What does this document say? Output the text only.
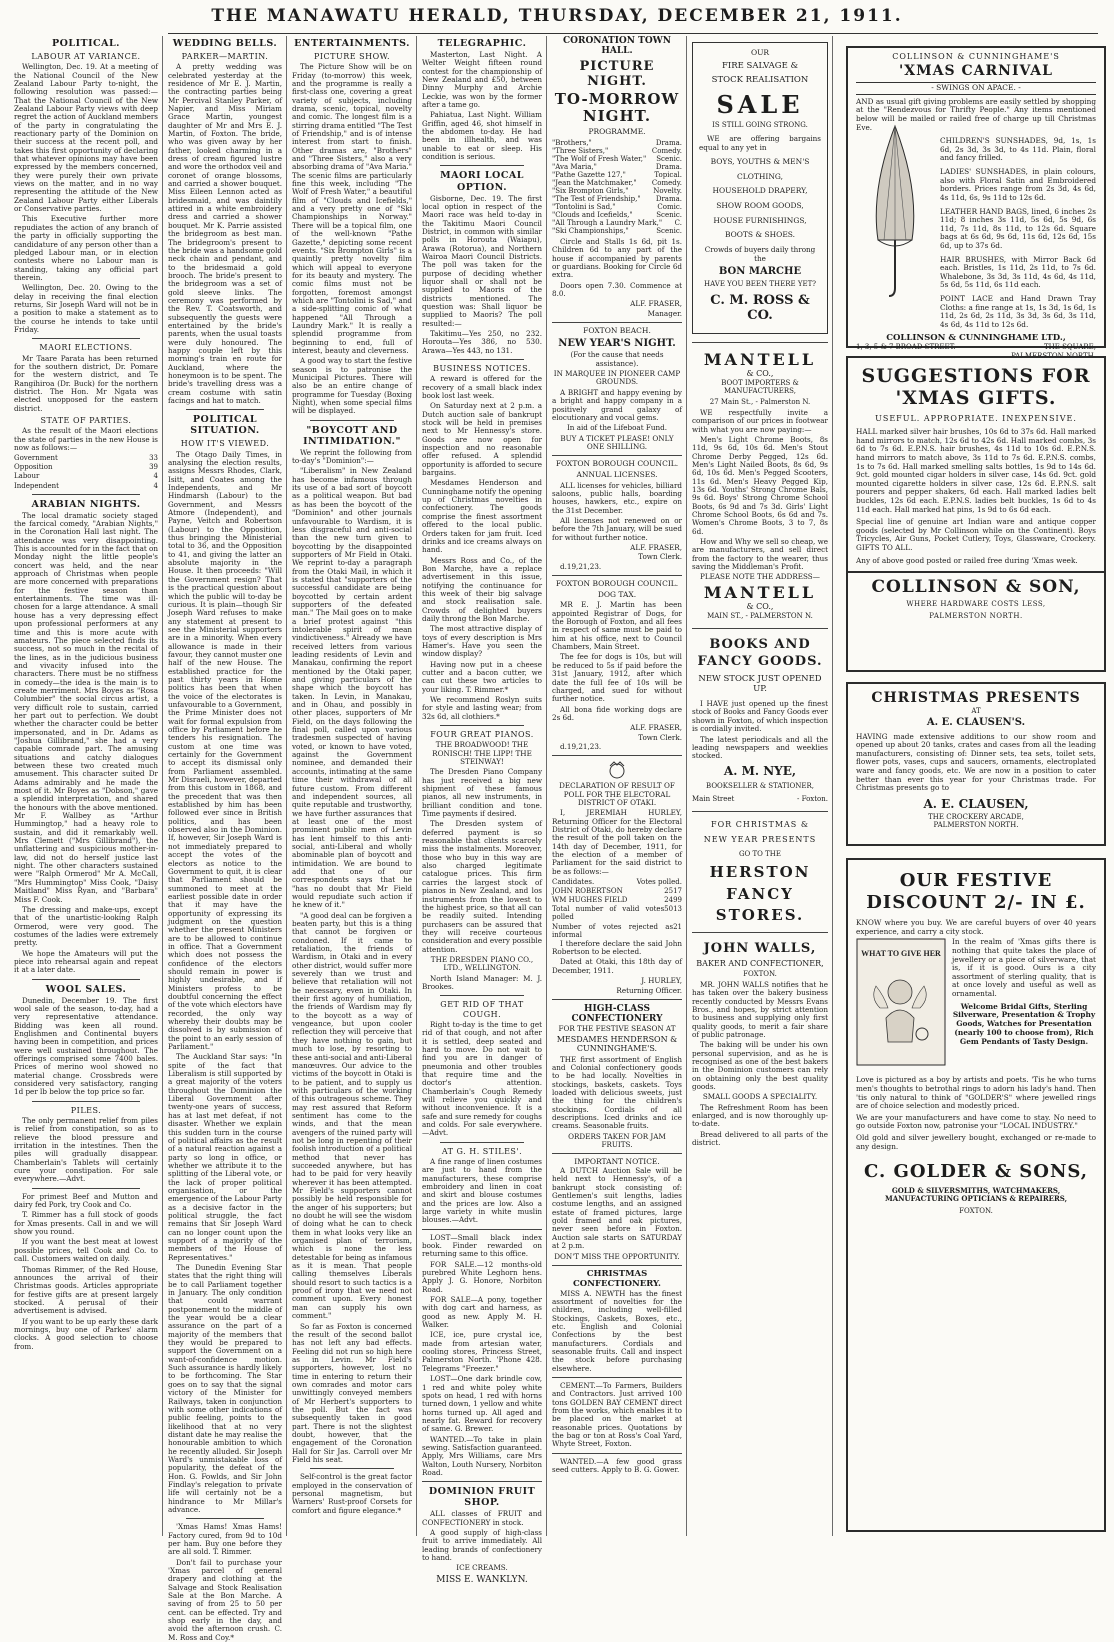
THE MANAWATU HERALD, THURSDAY, DECEMBER 21, 1911.
POLITICAL.
LABOUR AT VARIANCE.

Wellington, Dec. 19. At a meeting of the National Council of the New Zealand Labour Party to-night, the following resolution was passed:— That the National Council of the New Zealand Labour Party views with deep regret the action of Auckland members of the party in congratulating the reactionary party of the Dominion on their success at the recent poll, and takes this first opportunity of declaring that whatever opinions may have been expressed by the members concerned, they were purely their own private views on the matter, and in no way representing the attitude of the New Zealand Labour Party either Liberals or Conservative parties.

This Executive further more repudiates the action of any branch of the party in officially supporting the candidature of any person other than a pledged Labour man, or in election contests where no Labour man is standing, taking any official part therein.

Wellington, Dec. 20. Owing to the delay in receiving the final election returns, Sir Joseph Ward will not be in a position to make a statement as to the course he intends to take until Friday.

MAORI ELECTIONS.

Mr Taare Parata has been returned for the southern district, Dr. Pomare for the western district, and Te Rangihiroa (Dr. Buck) for the northern district. The Hon. Mr Ngata was elected unopposed for the eastern district.

STATE OF PARTIES.

As the result of the Maori elections the state of parties in the new House is now as follows:—

Government	33
Opposition	39
Labour	4
Independent	4
ARABIAN NIGHTS.

The local dramatic society staged the farcical comedy, "Arabian Nights," in the Coronation Hall last night. The attendance was very disappointing. This is accounted for in the fact that on Monday night the little people's concert was held, and the near approach of Christmas when people are more concerned with preparations for the festive season than entertainments. The time was ill-chosen for a large attendance. A small house has a very depressing effect upon professional performers at any time and this is more acute with amateurs. The piece selected finds its success, not so much in the recital of the lines, as in the judicious business and vivacity infused into the characters. There must be no stiffness in comedy—the idea is the main is to create merriment. Mrs Boyes as "Rosa Columbier" the social circus artist, a very difficult role to sustain, carried her part out to perfection. We doubt whether the character could be better impersonated, and in Dr. Adams as "Joshua Gillibrand," she had a very capable comrade part. The amusing situations and catchy dialogues between these two created much amusement. This character suited Dr Adams admirably and he made the most of it. Mr Boyes as "Dobson," gave a splendid interpretation, and shared the honours with the above mentioned. Mr F. Wallbey as "Arthur Hummingtop," had a heavy role to sustain, and did it remarkably well. Mrs Clemett ("Mrs Gillibrand"), the unflattering and suspicious mother-in-law, did not do herself justice last night. The other characters sustained were "Ralph Ormerod" Mr A. McCall, "Mrs Hummingtop" Miss Cook, "Daisy Maitland" Miss Ryan, and "Barbara" Miss F. Cook.

The dressing and make-ups, except that of the unartistic-looking Ralph Ormerod, were very good. The costumes of the ladies were extremely pretty.

We hope the Amateurs will put the piece into rehearsal again and repeat it at a later date.

WOOL SALES.

Dunedin, December 19. The first wool sale of the season, to-day, had a very representative attendance. Bidding was keen all round. Englishmen and Continental buyers having been in competition, and prices were well sustained throughout. The offerings comprised some 7400 bales. Prices of merino wool showed no material change. Crossbreds were considered very satisfactory, ranging 1d per lb below the top price so far.

PILES.

The only permanent relief from piles is relief from constipation, so as to relieve the blood pressure and irritation in the intestines. Then the piles will gradually disappear. Chamberlain's Tablets will certainly cure your constipation. For sale everywhere.—Advt.

For primest Beef and Mutton and dairy fed Pork, try Cook and Co.

T. Rimmer has a full stock of goods for Xmas presents. Call in and we will show you round.

If you want the best meat at lowest possible prices, tell Cook and Co. to call. Customers waited on daily.

Thomas Rimmer, of the Red House, announces the arrival of their Christmas goods. Articles appropriate for festive gifts are at present largely stocked. A perusal of their advertisement is advised.

If you want to be up early these dark mornings, buy one of Parkes' alarm clocks. A good selection to choose from.

WEDDING BELLS.
PARKER—MARTIN.

A pretty wedding was celebrated yesterday at the residence of Mr E. J. Martin, the contracting parties being Mr Percival Stanley Parker, of Napier, and Miss Miriam Grace Martin, youngest daughter of Mr and Mrs E. J. Martin, of Foxton. The bride, who was given away by her father, looked charming in a dress of cream figured lustre and wore the orthodox veil and coronet of orange blossoms, and carried a shower bouquet. Miss Eileen Lennon acted as bridesmaid, and was daintily attired in a white embroidery dress and carried a shower bouquet. Mr K. Parrie assisted the bridegroom as best man. The bridegroom's present to the bride was a handsome gold neck chain and pendant, and to the bridesmaid a gold brooch. The bride's present to the bridegroom was a set of gold sleeve links. The ceremony was performed by the Rev. T. Coatsworth, and subsequently the guests were entertained by the bride's parents, when the usual toasts were duly honoured. The happy couple left by this morning's train en route for Auckland, where the honeymoon is to be spent. The bride's travelling dress was a cream costume with satin facings and hat to match.

POLITICAL SITUATION.
HOW IT'S VIEWED.

The Otago Daily Times, in analysing the election results, assigns Messrs Rhodes, Clark, Isitt, and Coates among the Independents, and Mr Hindmarsh (Labour) to the Government, and Messrs Atmore (Independent), and Payne, Veitch and Robertson (Labour) to the Opposition, thus bringing the Ministerial total to 36, and the Opposition to 41, and giving the latter an absolute majority in the House. It then proceeds: "Will the Government resign? That is the practical question about which the public will to-day be curious. It is plain—though Sir Joseph Ward refuses to make any statement at present to see the Ministerial supporters are in a minority. When every allowance is made in their favour, they cannot muster one half of the new House. The established practice for the past thirty years in Home politics has been that when the voice of the electorates is unfavourable to a Government, the Prime Minister does not wait for formal expulsion from office by Parliament before he tenders his resignation. The custom at one time was certainly for the Government to accept its dismissal only from Parliament assembled. Mr Disraeli, however, departed from this custom in 1868, and the precedent that was then established by him has been followed ever since in British politics, and has been observed also in the Dominion. If, however, Sir Joseph Ward is not immediately prepared to accept the votes of the electors as notice to the Government to quit, it is clear that Parliament should be summoned to meet at the earliest possible date in order that it may have the opportunity of expressing its judgment on the question whether the present Ministers are to be allowed to continue in office. That a Government which does not possess the confidence of the electors should remain in power is highly undesirable, and if Ministers profess to be doubtful concerning the effect of the vote which electors have recorded, the only way whereby their doubts may be dissolved is by submission of the point to an early session of Parliament."

The Auckland Star says: "In spite of the fact that Liberalism is still supported by a great majority of the voters throughout the Dominion the Liberal Government after twenty-one years of success, has at last met defeat, if not disaster. Whether we explain this sudden turn in the course of political affairs as the result of a natural reaction against a party so long in office, or whether we attribute it to the splitting of the Liberal vote, or the lack of proper political organisation, or the emergence of the Labour Party as a decisive factor in the political struggle, the fact remains that Sir Joseph Ward can no longer count upon the support of a majority of the members of the House of Representatives."

The Dunedin Evening Star states that the right thing will be to call Parliament together in January. The only condition that could warrant postponement to the middle of the year would be a clear assurance on the part of a majority of the members that they would be prepared to support the Government on a want-of-confidence motion. Such assurance is hardly likely to be forthcoming. The Star goes on to say that the signal victory of the Minister for Railways, taken in conjunction with some other indications of public feeling, points to the likelihood that at no very distant date he may realise the honourable ambition to which he recently alluded. Sir Joseph Ward's unmistakable loss of popularity, the defeat of the Hon. G. Fowlds, and Sir John Findlay's relegation to private life will certainly not be a hindrance to Mr Millar's advance.

'Xmas Hams! Xmas Hams! Factory cured, from 9d to 10d per ham. Buy one before they are all sold. T. Rimmer.

Don't fail to purchase your 'Xmas parcel of general drapery and clothing at the Salvage and Stock Realisation Sale at the Bon Marche. A saving of from 25 to 50 per cent. can be effected. Try and shop early in the day, and avoid the afternoon crush. C. M. Ross and Coy.*

ENTERTAINMENTS.
PICTURE SHOW.

The Picture Show will be on Friday (to-morrow) this week, and the programme is really a first-class one, covering a great variety of subjects, including drama, scenic, topical, novelty and comic. The longest film is a stirring drama entitled "The Test of Friendship," and is of intense interest from start to finish. Other dramas are, "Brothers" and "Three Sisters," also a very absorbing drama of "Ava Maria." The scenic films are particularly fine this week, including "The Wolf of Fresh Water," a beautiful film of "Clouds and Icefields," and a very pretty one of "Ski Championships in Norway." There will be a topical film, one of the well-known "Pathe Gazette," depicting some recent events. "Six Brompton Girls" is a quaintly pretty novelty film which will appeal to everyone for its beauty and mystery. The comic films must not be forgotten, foremost amongst which are "Tontolini is Sad," and a side-splitting comic of what happened "All Through a Laundry Mark." It is really a splendid programme from beginning to end, full of interest, beauty and cleverness.

A good way to start the festive season is to patronise the Municipal Pictures. There will also be an entire change of programme for Tuesday (Boxing Night), when some special films will be displayed.

"BOYCOTT AND INTIMIDATION."

We reprint the following from to-day's "Dominion":—

"Liberalism" in New Zealand has become infamous through its use of a bad sort of boycott as a political weapon. But bad as has been the boycott of the "Dominion" and other journals unfavourable to Wardism, it is less disgraceful and anti-social than the new turn given to boycotting by the disappointed supporters of Mr Field in Otaki. We reprint to-day a paragraph from the Otaki Mail, in which it is stated that "supporters of the successful candidate are being boycotted by certain ardent supporters of the defeated man." The Mail goes on to make a brief protest against "this intolerable spirit of mean vindictiveness." Already we have received letters from various leading residents of Levin and Manakau, confirming the report mentioned by the Otaki paper, and giving particulars of the shape which the boycott has taken. In Levin, in Manakau, and in Ohau, and possibly in other places, supporters of Mr Field, on the days following the final poll, called upon various tradesmen suspected of having voted, or known to have voted, against the Government nominee, and demanded their accounts, intimating at the same time their withdrawal of all future custom. From different and independent sources, all quite reputable and trustworthy, we have further assurances that at least one of the most prominent public men of Levin has lent himself to this anti-social, anti-Liberal and wholly abominable plan of boycott and intimidation. We are bound to add that one of our correspondents says that he "has no doubt that Mr Field would repudiate such action if he knew of it."

"A good deal can be forgiven a beaten party, but this is a thing that cannot be forgiven or condoned. If it came to retaliation, the friends of Wardism, in Otaki and in every other district, would suffer more severely than we trust and believe that retaliation will not be necessary, even in Otaki. In their first agony of humiliation, the friends of Wardism may fly to the boycott as a way of vengeance, but upon cooler reflection they will perceive that they have nothing to gain, but much to lose, by resorting to these anti-social and anti-Liberal manœuvres. Our advice to the victims of the boycott in Otaki is to be patient, and to supply us with particulars of the working of this outrageous scheme. They may rest assured that Reform sentiment has come to the winds, and that the mean avengers of the ruined party will not be long in repenting of their foolish introduction of a political method that never has succeeded anywhere, but has had to be paid for very heavily wherever it has been attempted. Mr Field's supporters cannot possibly be held responsible for the anger of his supporters; but no doubt he will see the wisdom of doing what he can to check them in what looks very like an organised plan of terrorism, which is none the less detestable for being as infamous as it is mean. That people calling themselves Liberals should resort to such tactics is a proof of irony that we need not comment upon. Every honest man can supply his own comment."

So far as Foxton is concerned the result of the second ballot has not left any bad effects. Feeling did not run so high here as in Levin. Mr Field's supporters, however, lost no time in entering to return their own comrades and motor cars unwittingly conveyed members of Mr Herbert's supporters to the poll. But the fact was subsequently taken in good part. There is not the slightest doubt, however, that the engagement of the Coronation Hall for Sir Jas. Carroll over Mr Field his seat.

Self-control is the great factor employed in the conservation of personal magnetism, but Warners' Rust-proof Corsets for comfort and figure elegance.*

TELEGRAPHIC.

Masterton, Last Night. A Welter Weight fifteen round contest for the championship of New Zealand and £50, between Dinny Murphy and Archie Leckie, was won by the former after a tame go.

Pahiatua, Last Night. William Griffin, aged 46, shot himself in the abdomen to-day. He had been in illhealth, and was unable to eat or sleep. His condition is serious.

MAORI LOCAL OPTION.

Gisborne, Dec. 19. The first local option in respect of the Maori race was held to-day in the Takitimu Maori Council District, in common with similar polls in Horouta (Waiapu), Arawa (Rotorua), and Northern Wairoa Maori Council Districts. The poll was taken for the purpose of deciding whether liquor shall or shall not be supplied to Maoris of the districts mentioned. The question was: Shall liquor be supplied to Maoris? The poll resulted:—

Takitimu—Yes 250, no 232. Horouta—Yes 386, no 530. Arawa—Yes 443, no 131.

BUSINESS NOTICES.

A reward is offered for the recovery of a small black index book lost last week.

On Saturday next at 2 p.m. a Dutch auction sale of bankrupt stock will be held in premises next to Mr Hennessy's store. Goods are now open for inspection and no reasonable offer refused. A splendid opportunity is afforded to secure bargains.

Mesdames Henderson and Cunninghame notify the opening up of Christmas novelties in confectionery. The goods comprise the finest assortment offered to the local public. Orders taken for jam fruit. Iced drinks and ice creams always on hand.

Messrs Ross and Co., of the Bon Marche, have a replace advertisement in this issue, notifying the continuance for this week of their big salvage and stock realisation sale. Crowds of delighted buyers daily throng the Bon Marche.

The most attractive display of toys of every description is Mrs Hamer's. Have you seen the window display?

Having now put in a cheese cutter and a bacon cutter, we can cut these two articles to your liking. T. Rimmer.*

We recommend Roslyn suits for style and lasting wear; from 32s 6d, all clothiers.*

FOUR GREAT PIANOS.

THE BROADWOOD! THE RONISCH! THE LIPP! THE STEINWAY!

The Dresden Piano Company has just received a big new shipment of these famous pianos, all new instruments, in brilliant condition and tone. Time payments if desired.

The Dresden system of deferred payment is so reasonable that clients scarcely miss the instalments. Moreover, those who buy in this way are also charged legitimate catalogue prices. This firm carries the largest stock of pianos in New Zealand, and los instruments from the lowest to the highest price, so that all can be readily suited. Intending purchasers can be assured that they will receive courteous consideration and every possible attention.

THE DRESDEN PIANO CO., LTD., WELLINGTON.

North Island Manager: M. J. Brookes.

GET RID OF THAT COUGH.

Right to-day is the time to get rid of that cough, and not after it is settled, deep seated and hard to move. Do not wait to find you are in danger of pneumonia and other troubles that require time and the doctor's attention. Chamberlain's Cough Remedy will relieve you quickly and without inconvenience. It is a safe and sure remedy for coughs and colds. For sale everywhere.—Advt.

AT G. H. STILES'.

A fine range of linen costumes are just to hand from the manufacturers, these comprise embroidery and linen in coat and skirt and blouse costumes and the prices are low. Also a large variety in white muslin blouses.—Advt.

LOST—Small black index book. Finder rewarded on returning same to this office.

FOR SALE.—12 months-old purebred White Leghorn hens. Apply J. G. Honore, Norbiton Road.

FOR SALE—A pony, together with dog cart and harness, as good as new. Apply M. H. Walker.

ICE, ice, pure crystal ice, made from artesian water, cooling stores, Princess Street, Palmerston North. 'Phone 428. Telegrams "Freezer."

LOST—One dark brindle cow, 1 red and white poley white spots on head, 1 red with horns turned down, 1 yellow and white horns turned up. All aged and nearly fat. Reward for recovery of same. G. Brewer.

WANTED.—To take in plain sewing. Satisfaction guaranteed. Apply, Mrs Williams, care Mrs Walton, Louth Nursery, Norbiton Road.

DOMINION FRUIT SHOP.

ALL classes of FRUIT and CONFECTIONERY in stock.

A good supply of high-class fruit to arrive immediately. All leading brands of confectionery to hand.

ICE CREAMS.

MISS E. WANKLYN.

CORONATION TOWN HALL.
PICTURE NIGHT.
TO-MORROW NIGHT.
PROGRAMME.
"Brothers,"	Drama.
"Three Sisters,"	Comedy.
"The Wolf of Fresh Water," Scenic.
"Ava Maria,"	Drama.
"Pathe Gazette 127,"	Topical.
"Jean the Matchmaker," Comedy.
"Six Brompton Girls,"	Novelty.
"The Test of Friendship," Drama.
"Tontolini is Sad,"	Comic.
"Clouds and Icefields,"	Scenic.
"All Through a Laundry Mark," C.
"Ski Championships,"	Scenic.

Circle and Stalls 1s 6d, pit 1s. Children 6d to any part of the house if accompanied by parents or guardians. Booking for Circle 6d extra.

Doors open 7.30. Commence at 8.0.

ALF. FRASER,
Manager.
FOXTON BEACH.
NEW YEAR'S NIGHT.

(For the cause that needs assistance).

IN MARQUEE IN PIONEER CAMP GROUNDS.

A BRIGHT and happy evening by a bright and happy company in a positively grand galaxy of elocutionary and vocal gems.

In aid of the Lifeboat Fund.

BUY A TICKET PLEASE! ONLY ONE SHILLING.

FOXTON BOROUGH COUNCIL.
ANNUAL LICENSES.

ALL licenses for vehicles, billiard saloons, public halls, boarding houses, hawkers, etc., expire on the 31st December.

All licenses not renewed on or before the 7th January, will be sued for without further notice.

ALF. FRASER,
Town Clerk.

d.19,21,23.

FOXTON BOROUGH COUNCIL.
DOG TAX.

MR E. J. Martin has been appointed Registrar of Dogs, for the Borough of Foxton, and all fees in respect of same must be paid to him at his office, next to Council Chambers, Main Street.

The fee for dogs is 10s, but will be reduced to 5s if paid before the 31st January, 1912, after which date the full fee of 10s will be charged, and sued for without further notice.

All bona fide working dogs are 2s 6d.

ALF. FRASER,
Town Clerk.

d.19,21,23.

DECLARATION OF RESULT OF POLL FOR THE ELECTORAL DISTRICT OF OTAKI.

I, JEREMIAH HURLEY, Returning Officer for the Electoral District of Otaki, do hereby declare the result of the poll taken on the 14th day of December, 1911, for the election of a member of Parliament for the said district to be as follows:—

Candidates.	Votes polled.
JOHN ROBERTSON	2517
WM HUGHES FIELD	2499
Total number of valid votes polled
5013
Number of votes rejected as informal
21

I therefore declare the said John Robertson to be elected.

Dated at Otaki, this 18th day of December, 1911.

J. HURLEY,
Returning Officer.
HIGH-CLASS CONFECTIONERY

FOR THE FESTIVE SEASON AT

MESDAMES HENDERSON & CUNNINGHAME'S.

THE first assortment of English and Colonial confectionery goods to be had locally. Novelties in stockings, baskets, caskets. Toys loaded with delicious sweets, just the thing for the children's stockings. Cordials of all descriptions. Iced drinks and ice creams. Seasonable fruits.

ORDERS TAKEN FOR JAM FRUITS.

IMPORTANT NOTICE.

A DUTCH Auction Sale will be held next to Hennessy's, of a bankrupt stock consisting of: Gentlemen's suit lengths, ladies costume lengths, and an assigned estate of framed pictures, large gold framed and oak pictures, never seen before in Foxton. Auction sale starts on SATURDAY at 2 p.m.

DON'T MISS THE OPPORTUNITY.

CHRISTMAS CONFECTIONERY.

MISS A. NEWTH has the finest assortment of novelties for the children, including well-filled Stockings, Caskets, Boxes, etc., etc. English and Colonial Confections by the best manufacturers. Cordials and seasonable fruits. Call and inspect the stock before purchasing elsewhere.

CEMENT.—To Farmers, Builders and Contractors. Just arrived 100 tons GOLDEN BAY CEMENT direct from the works, which enables it to be placed on the market at reasonable prices. Quotations by the bag or ton at Ross's Coal Yard, Whyte Street, Foxton.

WANTED.—A few good grass seed cutters. Apply to B. G. Gower.

OUR
FIRE SALVAGE &
STOCK REALISATION
SALE
IS STILL GOING STRONG.

WE are offering bargains equal to any yet in

BOYS, YOUTHS & MEN'S
CLOTHING,
HOUSEHOLD DRAPERY,
SHOW ROOM GOODS,
HOUSE FURNISHINGS,
BOOTS & SHOES.

Crowds of buyers daily throng the

BON MARCHE
HAVE YOU BEEN THERE YET?
C. M. ROSS & CO.
MANTELL
& CO.,
BOOT IMPORTERS & MANUFACTURERS,
27 Main St., - Palmerston N.

WE respectfully invite a comparison of our prices in footwear with what you are now paying:—

Men's Light Chrome Boots, 8s 11d, 9s 6d, 10s 6d. Men's Stout Chrome Derby Pegged, 12s 6d. Men's Light Nailed Boots, 8s 6d, 9s 6d, 10s 6d. Men's Pegged Scooters, 11s 6d. Men's Heavy Pegged Kip, 13s 6d. Youths' Strong Chrome Bals, 9s 6d. Boys' Strong Chrome School Boots, 6s 9d and 7s 3d. Girls' Light Chrome School Boots, 6s 6d and 7s. Women's Chrome Boots, 3 to 7, 8s 6d.

How and Why we sell so cheap, we are manufacturers, and sell direct from the factory to the wearer, thus saving the Middleman's Profit.

PLEASE NOTE THE ADDRESS—

MANTELL
& CO.,
MAIN ST., - PALMERSTON N.
BOOKS AND FANCY GOODS.
NEW STOCK JUST OPENED UP.

I HAVE just opened up the finest stock of Books and Fancy Goods ever shown in Foxton, of which inspection is cordially invited.

The latest periodicals and all the leading newspapers and weeklies stocked.

A. M. NYE,
BOOKSELLER & STATIONER,
Main Street	- Foxton.
FOR CHRISTMAS &
NEW YEAR PRESENTS
GO TO THE
HERSTON
FANCY
STORES.
JOHN WALLS,
BAKER AND CONFECTIONER,
FOXTON.

MR. JOHN WALLS notifies that he has taken over the bakery business recently conducted by Messrs Evans Bros., and hopes, by strict attention to business and supplying only first quality goods, to merit a fair share of public patronage.

The baking will be under his own personal supervision, and as he is recognised as one of the best bakers in the Dominion customers can rely on obtaining only the best quality goods.

SMALL GOODS A SPECIALITY.

The Refreshment Room has been enlarged, and is now thoroughly up-to-date.

Bread delivered to all parts of the district.

COLLINSON & CUNNINGHAME'S
'XMAS CARNIVAL
- SWINGS ON APACE. -

AND as usual gift giving problems are easily settled by shopping at the "Rendezvous for Thrifty People." Any items mentioned below will be mailed or railed free of charge up till Christmas Eve.

CHILDREN'S SUNSHADES, 9d, 1s, 1s 6d, 2s 3d, 3s 3d, to 4s 11d. Plain, floral and fancy frilled.

LADIES' SUNSHADES, in plain colours, also with Floral Satin and Embroidered borders. Prices range from 2s 3d, 4s 6d, 4s 11d, 6s, 9s 11d to 12s 6d.

LEATHER HAND BAGS, lined, 6 inches 2s 11d; 8 inches 3s 11d, 5s 6d, 5s 9d, 6s 11d, 7s 11d, 8s 11d, to 12s 6d. Square bags at 6s 6d, 9s 6d, 11s 6d, 12s 6d, 15s 6d, up to 37s 6d.

HAIR BRUSHES, with Mirror Back 6d each. Bristles, 1s 11d, 2s 11d, to 7s 6d. Whalebone, 3s 3d, 3s 11d, 4s 6d, 4s 11d, 5s 6d, 5s 11d, 6s 11d each.

POINT LACE and Hand Drawn Tray Cloths: a fine range at 1s, 1s 3d, 1s 6d, 1s 11d, 2s 6d, 2s 11d, 3s 3d, 3s 6d, 3s 11d, 4s 6d, 4s 11d to 12s 6d.

COLLINSON & CUNNINGHAME LTD.,
1, 3, 5 & 7 BROAD STREET.	THE SQUARE,
SUGGESTIONS FOR 'XMAS GIFTS.
USEFUL. APPROPRIATE. INEXPENSIVE.

HALL marked silver hair brushes, 10s 6d to 37s 6d. Hall marked hand mirrors to match, 12s 6d to 42s 6d. Hall marked combs, 3s 6d to 7s 6d. E.P.N.S. hair brushes, 4s 11d to 10s 6d. E.P.N.S. hand mirrors to match above, 3s 11d to 7s 6d. E.P.N.S. combs, 1s to 7s 6d. Hall marked smelling salts bottles, 1s 9d to 14s 6d. 9ct. gold mounted cigar holders in silver case, 14s 6d. 9ct. gold mounted cigarette holders in silver case, 12s 6d. E.P.N.S. salt pourers and pepper shakers, 6d each. Hall marked ladies belt buckles, 12s 6d each. E.P.N.S. ladies belt buckles, 1s 6d to 4s 11d each. Hall marked hat pins, 1s 9d to 6s 6d each.

Special line of genuine art Indian ware and antique copper goods (selected by Mr Collinson while on the Continent). Boys Tricycles, Air Guns, Pocket Cutlery, Toys, Glassware, Crockery. GIFTS TO ALL.

Any of above good posted or railed free during 'Xmas week.

COLLINSON & SON,
WHERE HARDWARE COSTS LESS,
PALMERSTON NORTH.
CHRISTMAS PRESENTS
AT
A. E. CLAUSEN'S.

HAVING made extensive additions to our show room and opened up about 20 tanks, crates and cases from all the leading manufacturers, consisting of: Dinner sets, tea sets, toilet sets, flower pots, vases, cups and saucers, ornaments, electroplated ware and fancy goods, etc. We are now in a position to cater better than ever this year for your Christmas trade. For Christmas presents go to

A. E. CLAUSEN,
THE CROCKERY ARCADE,
PALMERSTON NORTH.
OUR FESTIVE DISCOUNT 2/- IN £.

KNOW where you buy. We are careful buyers of over 40 years experience, and carry a city stock.

WHAT TO GIVE HER

In the realm of 'Xmas gifts there is nothing that quite takes the place of jewellery or a piece of silverware, that is, if it is good. Ours is a city assortment of sterling quality, that is at once lovely and useful as well as ornamental.

Welcome Bridal Gifts, Sterling Silverware, Presentation & Trophy Goods, Watches for Presentation (nearly 100 to choose from), Rich Gem Pendants of Tasty Design.

Love is pictured as a boy by artists and poets. 'Tis he who turns men's thoughts to betrothal rings to adorn his lady's hand. Then 'tis only natural to think of "GOLDER'S" where jewelled rings are of choice selection and modestly priced.

We are your manufacturers and have come to stay. No need to go outside Foxton now, patronise your "LOCAL INDUSTRY."

Old gold and silver jewellery bought, exchanged or re-made to any design.

C. GOLDER & SONS,
GOLD & SILVERSMITHS, WATCHMAKERS, MANUFACTURING OPTICIANS & REPAIRERS,
FOXTON.
